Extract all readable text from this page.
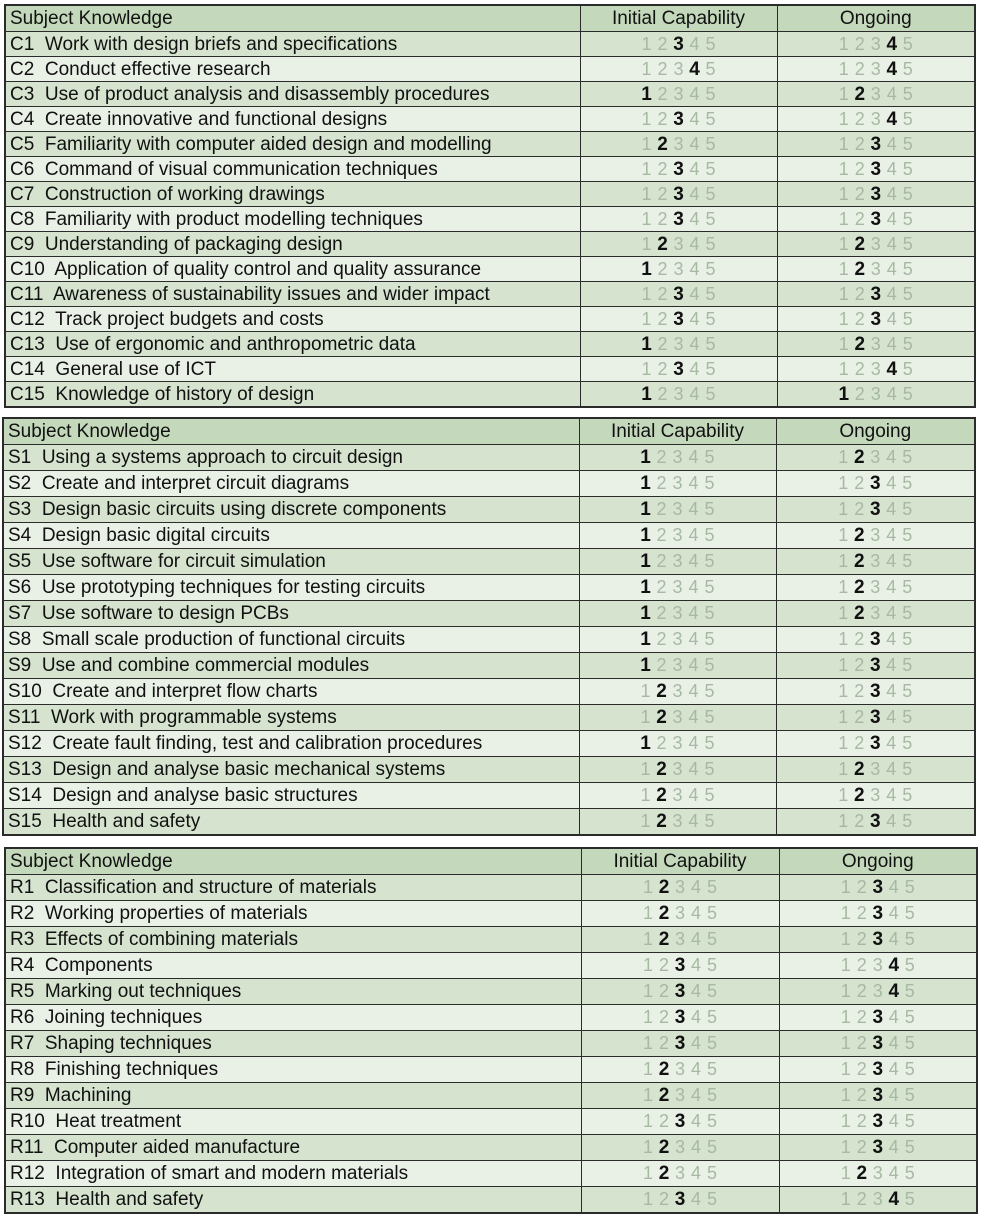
Subject Knowledge	Initial Capability	Ongoing
C1 Work with design briefs and specifications	1 2 3 4 5	1 2 3 4 5
C2 Conduct effective research	1 2 3 4 5	1 2 3 4 5
C3 Use of product analysis and disassembly procedures	1 2 3 4 5	1 2 3 4 5
C4 Create innovative and functional designs	1 2 3 4 5	1 2 3 4 5
C5 Familiarity with computer aided design and modelling	1 2 3 4 5	1 2 3 4 5
C6 Command of visual communication techniques	1 2 3 4 5	1 2 3 4 5
C7 Construction of working drawings	1 2 3 4 5	1 2 3 4 5
C8 Familiarity with product modelling techniques	1 2 3 4 5	1 2 3 4 5
C9 Understanding of packaging design	1 2 3 4 5	1 2 3 4 5
C10 Application of quality control and quality assurance	1 2 3 4 5	1 2 3 4 5
C11 Awareness of sustainability issues and wider impact	1 2 3 4 5	1 2 3 4 5
C12 Track project budgets and costs	1 2 3 4 5	1 2 3 4 5
C13 Use of ergonomic and anthropometric data	1 2 3 4 5	1 2 3 4 5
C14 General use of ICT	1 2 3 4 5	1 2 3 4 5
C15 Knowledge of history of design	1 2 3 4 5	1 2 3 4 5
Subject Knowledge	Initial Capability	Ongoing
S1 Using a systems approach to circuit design	1 2 3 4 5	1 2 3 4 5
S2 Create and interpret circuit diagrams	1 2 3 4 5	1 2 3 4 5
S3 Design basic circuits using discrete components	1 2 3 4 5	1 2 3 4 5
S4 Design basic digital circuits	1 2 3 4 5	1 2 3 4 5
S5 Use software for circuit simulation	1 2 3 4 5	1 2 3 4 5
S6 Use prototyping techniques for testing circuits	1 2 3 4 5	1 2 3 4 5
S7 Use software to design PCBs	1 2 3 4 5	1 2 3 4 5
S8 Small scale production of functional circuits	1 2 3 4 5	1 2 3 4 5
S9 Use and combine commercial modules	1 2 3 4 5	1 2 3 4 5
S10 Create and interpret flow charts	1 2 3 4 5	1 2 3 4 5
S11 Work with programmable systems	1 2 3 4 5	1 2 3 4 5
S12 Create fault finding, test and calibration procedures	1 2 3 4 5	1 2 3 4 5
S13 Design and analyse basic mechanical systems	1 2 3 4 5	1 2 3 4 5
S14 Design and analyse basic structures	1 2 3 4 5	1 2 3 4 5
S15 Health and safety	1 2 3 4 5	1 2 3 4 5
Subject Knowledge	Initial Capability	Ongoing
R1 Classification and structure of materials	1 2 3 4 5	1 2 3 4 5
R2 Working properties of materials	1 2 3 4 5	1 2 3 4 5
R3 Effects of combining materials	1 2 3 4 5	1 2 3 4 5
R4 Components	1 2 3 4 5	1 2 3 4 5
R5 Marking out techniques	1 2 3 4 5	1 2 3 4 5
R6 Joining techniques	1 2 3 4 5	1 2 3 4 5
R7 Shaping techniques	1 2 3 4 5	1 2 3 4 5
R8 Finishing techniques	1 2 3 4 5	1 2 3 4 5
R9 Machining	1 2 3 4 5	1 2 3 4 5
R10 Heat treatment	1 2 3 4 5	1 2 3 4 5
R11 Computer aided manufacture	1 2 3 4 5	1 2 3 4 5
R12 Integration of smart and modern materials	1 2 3 4 5	1 2 3 4 5
R13 Health and safety	1 2 3 4 5	1 2 3 4 5
